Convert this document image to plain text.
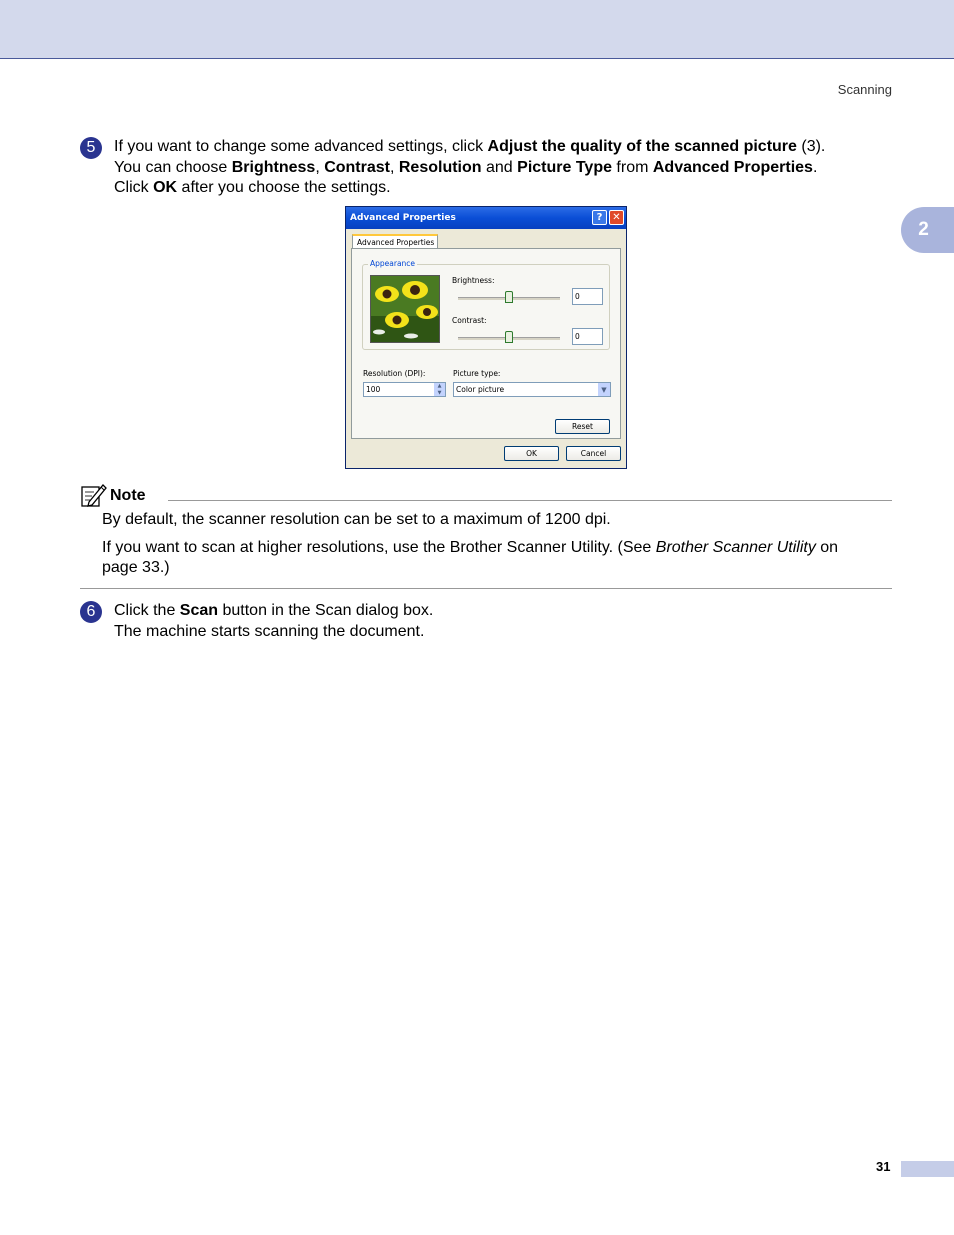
Scanning
2
5	If you want to change some advanced settings, click Adjust the quality of the scanned picture (3).

You can choose Brightness, Contrast, Resolution and Picture Type from Advanced Properties.

Click OK after you choose the settings.

Advanced Properties	? ✕
Advanced Properties
Appearance
Brightness:
0
Contrast:
0
Resolution (DPI):
100	▲
▼
Picture type:
Color picture	▼
Reset
OK	Cancel
Note

By default, the scanner resolution can be set to a maximum of 1200 dpi.

If you want to scan at higher resolutions, use the Brother Scanner Utility. (See Brother Scanner Utility on page 33.)

6	Click the Scan button in the Scan dialog box.

The machine starts scanning the document.

31
